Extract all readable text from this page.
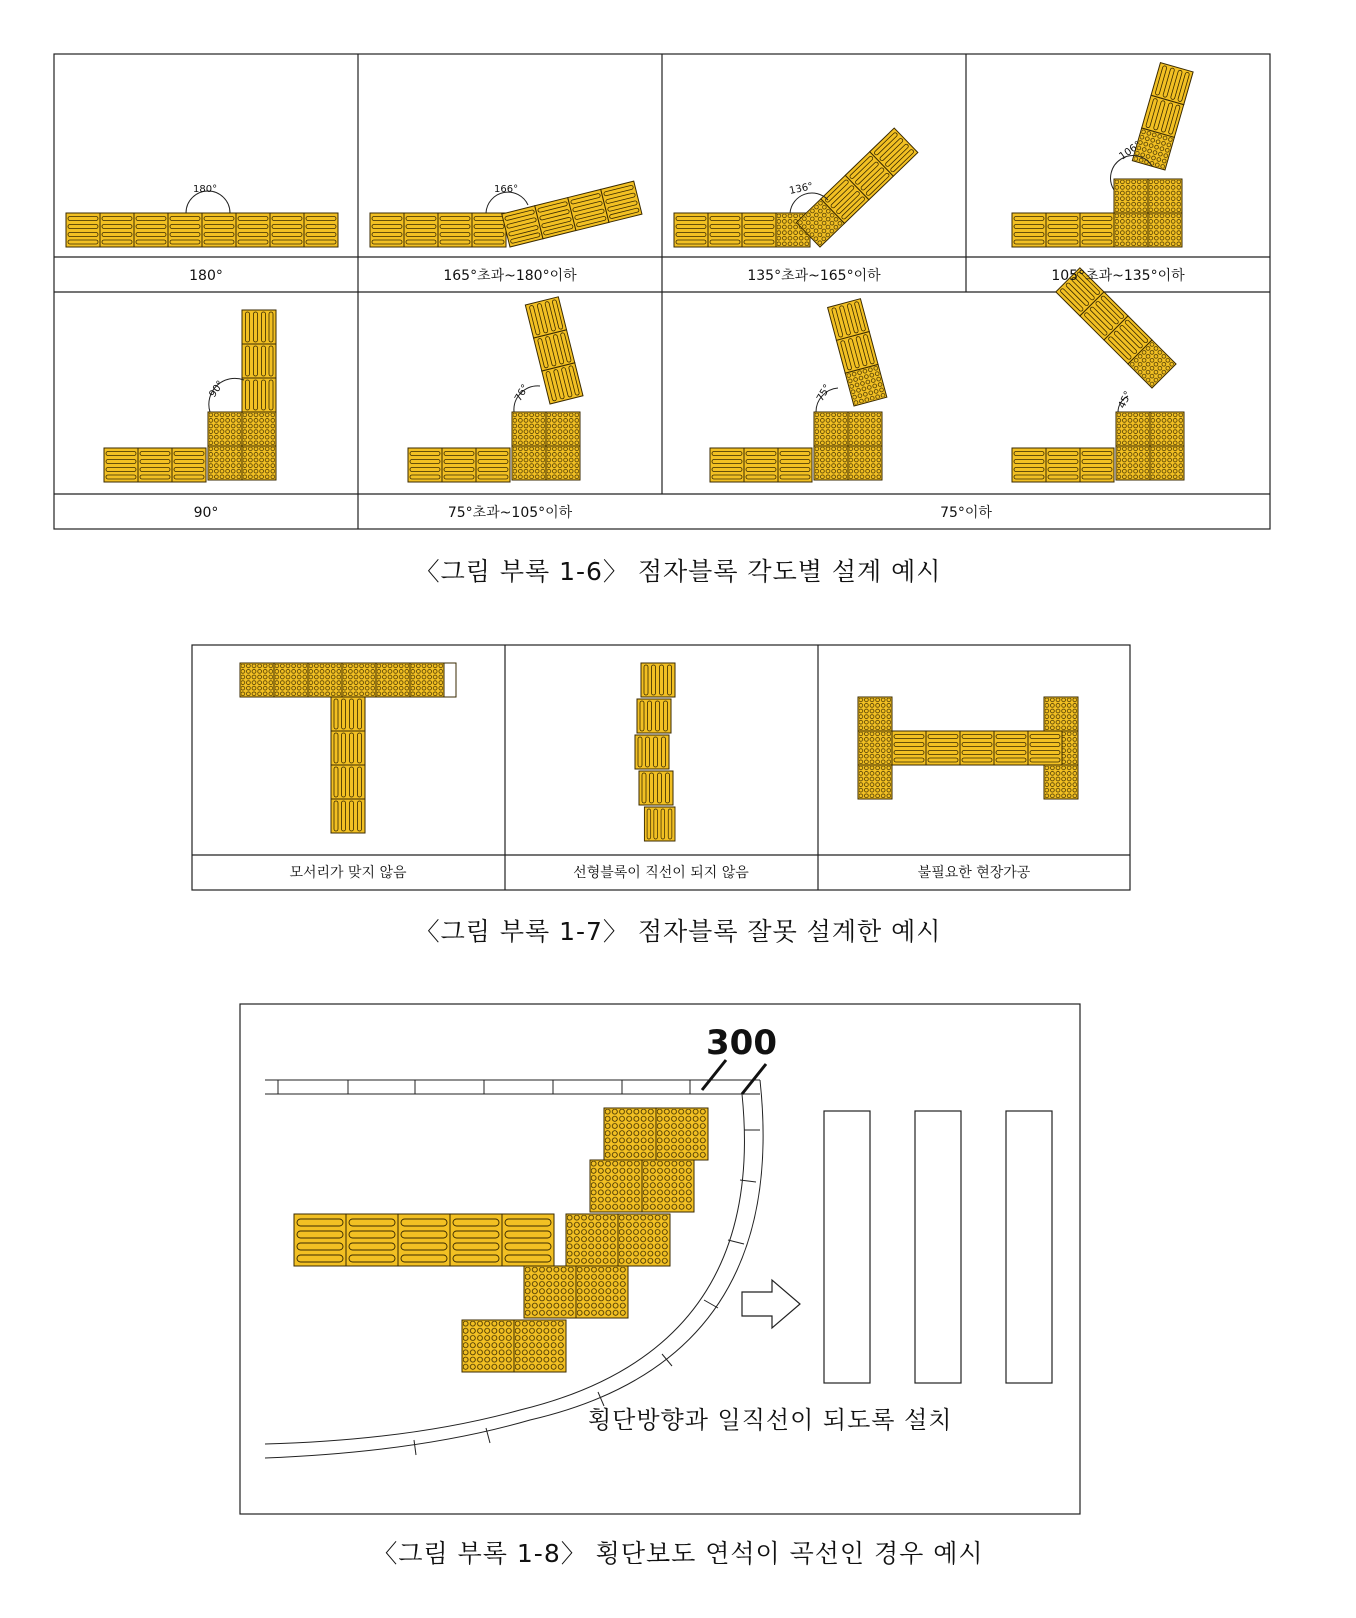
180°	166°	136°
106°
90°	76°	75°	45°
180°	165°초과~180°이하	135°초과~165°이하	105°초과~135°이하
90°	75°초과~105°이하	75°이하
모서리가 맞지 않음	선형블록이 직선이 되지 않음	불필요한 현장가공
300
횡단방향과 일직선이 되도록 설치
〈그림 부록 1-6〉 점자블록 각도별 설계 예시
〈그림 부록 1-7〉 점자블록 잘못 설계한 예시
〈그림 부록 1-8〉 횡단보도 연석이 곡선인 경우 예시
